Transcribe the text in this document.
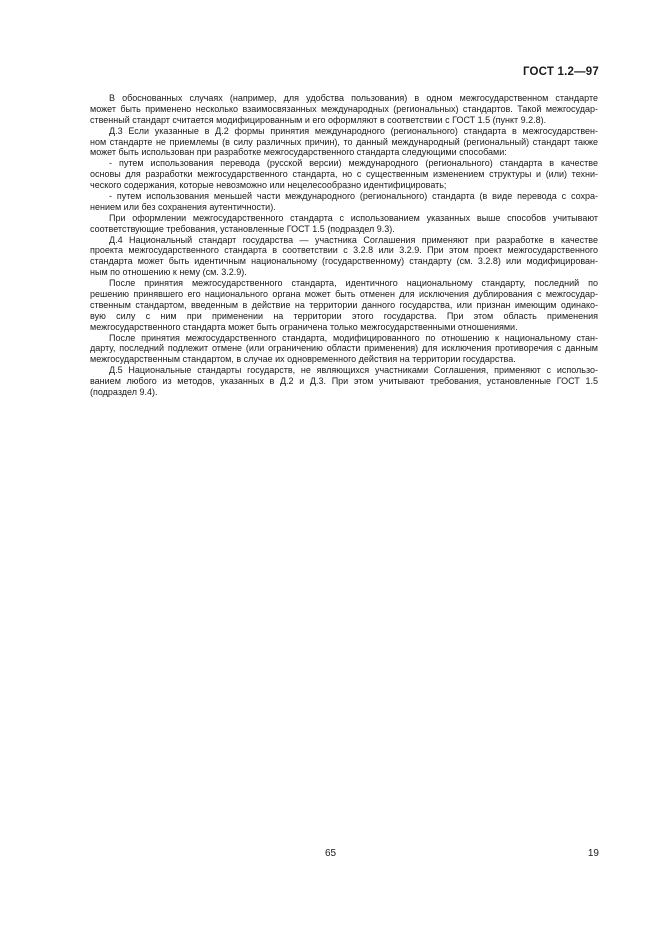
ГОСТ 1.2—97
В обоснованных случаях (например, для удобства пользования) в одном межгосударственном стандарте
может быть применено несколько взаимосвязанных международных (региональных) стандартов. Такой межгосудар-
ственный стандарт считается модифицированным и его оформляют в соответствии с ГОСТ 1.5 (пункт 9.2.8).
Д.3 Если указанные в Д.2 формы принятия международного (регионального) стандарта в межгосударствен-
ном стандарте не приемлемы (в силу различных причин), то данный международный (региональный) стандарт также
может быть использован при разработке межгосударственного стандарта следующими способами:
- путем использования перевода (русской версии) международного (регионального) стандарта в качестве
основы для разработки межгосударственного стандарта, но с существенным изменением структуры и (или) техни-
ческого содержания, которые невозможно или нецелесообразно идентифицировать;
- путем использования меньшей части международного (регионального) стандарта (в виде перевода с сохра-
нением или без сохранения аутентичности).
При оформлении межгосударственного стандарта с использованием указанных выше способов учитывают
соответствующие требования, установленные ГОСТ 1.5 (подраздел 9.3).
Д.4 Национальный стандарт государства — участника Соглашения применяют при разработке в качестве
проекта межгосударственного стандарта в соответствии с 3.2.8 или 3.2.9. При этом проект межгосударственного
стандарта может быть идентичным национальному (государственному) стандарту (см. 3.2.8) или модифицирован-
ным по отношению к нему (см. 3.2.9).
После принятия межгосударственного стандарта, идентичного национальному стандарту, последний по
решению принявшего его национального органа может быть отменен для исключения дублирования с межгосудар-
ственным стандартом, введенным в действие на территории данного государства, или признан имеющим одинако-
вую силу с ним при применении на территории этого государства. При этом область применения
межгосударственного стандарта может быть ограничена только межгосударственными отношениями.
После принятия межгосударственного стандарта, модифицированного по отношению к национальному стан-
дарту, последний подлежит отмене (или ограничению области применения) для исключения противоречия с данным
межгосударственным стандартом, в случае их одновременного действия на территории государства.
Д.5 Национальные стандарты государств, не являющихся участниками Соглашения, применяют с использо-
ванием любого из методов, указанных в Д.2 и Д.3. При этом учитывают требования, установленные ГОСТ 1.5
(подраздел 9.4).
65	19
